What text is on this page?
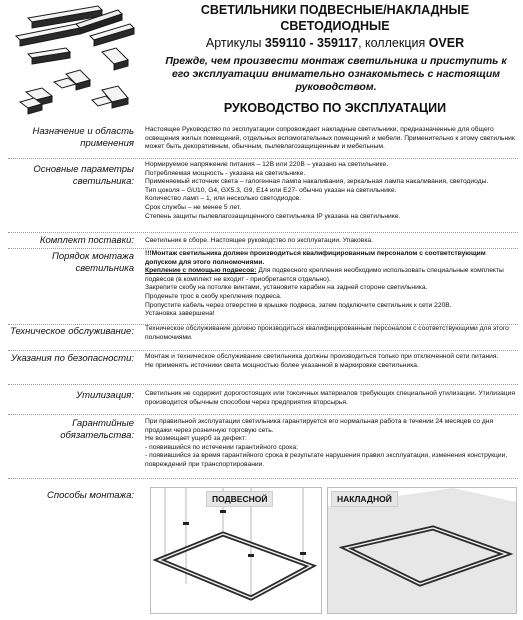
СВЕТИЛЬНИКИ ПОДВЕСНЫЕ/НАКЛАДНЫЕ
СВЕТОДИОДНЫЕ
Артикулы 359110 - 359117, коллекция OVER
Прежде, чем произвести монтаж светильника и приступить к его эксплуатации внимательно ознакомьтесь с настоящим руководством.
РУКОВОДСТВО ПО ЭКСПЛУАТАЦИИ
Назначение и область применения
Настоящее Руководство по эксплуатации сопровождает накладные светильники, предназначенные для общего освещения жилых помещений, отдельных вспомогательных помещений и мебели. Применительно к этому светильник может быть декоративным, обычным, пылевлагозащищенным и мебельным.
Основные параметры светильника:

Нормируемое напряжение питания – 12В или 220В – указано на светильнике.

Потребляемая мощность - указана на светильнике.

Применяемый источник света – галогенная лампа накаливания, зеркальная лампа накаливания, светодиоды.

Тип цоколя – GU10, G4, GX5.3, G9, E14 или E27- обычно указан на светильнике.

Количество ламп – 1, или несколько светодиодов.

Срок службы – не менее 5 лет.

Степень защиты пылевлагозащищенного светильника IP указана на светильнике.

Комплект поставки: Светильник в сборе. Настоящее руководство по эксплуатации. Упаковка.
Порядок монтажа светильника

!!!Монтаж светильника должен производиться квалифицированным персоналом с соответствующим допуском для этого полномочиями.

Крепление с помощью подвесов: Для подвесного крепления необходимо использовать специальные комплекты подвесов (в комплект не входит - приобретается отдельно).

Закрепите скобу на потолке винтами, установите карабин на задней стороне светильника.

Проденьте трос в скобу крепления подвеса.

Пропустите кабель через отверстие в крышке подвеса, затем подключите светильник к сети 220В.

Установка завершена!

Техническое обслуживание: Техническое обслуживание должно производиться квалифицированным персоналом с соответствующими для этого полномочиями.
Указания по безопасности: Монтаж и техническое обслуживание светильника должны производиться только при отключенной сети питания.

Не применять источники света мощностью более указанной в маркировке светильника.

Утилизация: Светильник не содержит дорогостоящих или токсичных материалов требующих специальной утилизации. Утилизация производится обычным способом через предприятия вторсырья.
Гарантийные обязательства:

При правильной эксплуатации светильника гарантируется его нормальная работа в течении 24 месяцев со дня продажи через розничную торговую сеть.

Не возмещает ущерб за дефект:

- появившийся по истечении гарантийного срока;

- появившийся за время гарантийного срока в результате нарушения правил эксплуатации, изменения конструкции, повреждений при транспортировании.

Способы монтажа:	ПОДВЕСНОЙ	НАКЛАДНОЙ
